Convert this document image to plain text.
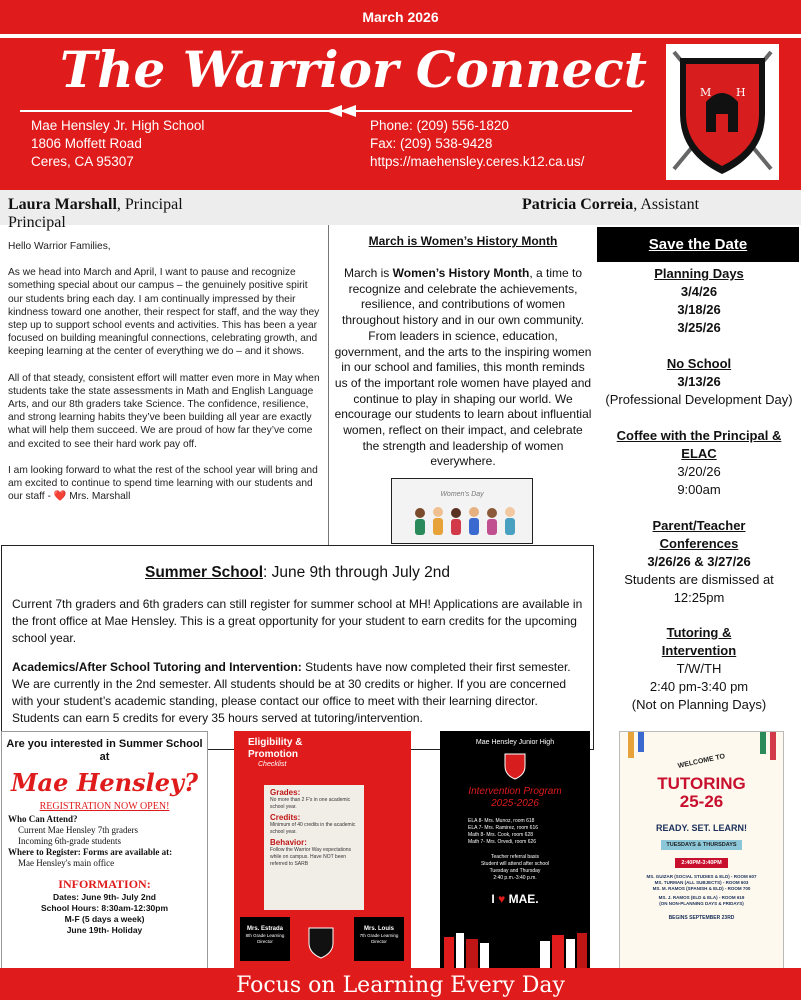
March 2026
The Warrior Connect
Mae Hensley Jr. High School
1806 Moffett Road
Ceres, CA 95307
Phone: (209) 556-1820
Fax: (209) 538-9428
https://maehensley.ceres.k12.ca.us/
M H
Laura Marshall, Principal
Principal
Patricia Correia, Assistant

Hello Warrior Families,

As we head into March and April, I want to pause and recognize something special about our campus – the genuinely positive spirit our students bring each day. I am continually impressed by their kindness toward one another, their respect for staff, and the way they step up to support school events and activities. This has been a year focused on building meaningful connections, celebrating growth, and keeping learning at the center of everything we do – and it shows.

All of that steady, consistent effort will matter even more in May when students take the state assessments in Math and English Language Arts, and our 8th graders take Science. The confidence, resilience, and strong learning habits they’ve been building all year are exactly what will help them succeed. We are proud of how far they’ve come and excited to see their hard work pay off.

I am looking forward to what the rest of the school year will bring and am excited to continue to spend time learning with our students and our staff - ❤️ Mrs. Marshall

March is Women’s History Month

March is Women’s History Month, a time to recognize and celebrate the achievements, resilience, and contributions of women throughout history and in our own community. From leaders in science, education, government, and the arts to the inspiring women in our school and families, this month reminds us of the important role women have played and continue to play in shaping our world. We encourage our students to learn about influential women, reflect on their impact, and celebrate the strength and leadership of women everywhere.

Women's Day
Save the Date
Planning Days
3/4/26
3/18/26
3/25/26
No School
3/13/26
(Professional Development Day)
Coffee with the Principal & ELAC
3/20/26
9:00am
Parent/Teacher Conferences
3/26/26 & 3/27/26
Students are dismissed at
12:25pm
Tutoring & Intervention
T/W/TH
2:40 pm-3:40 pm
(Not on Planning Days)
Summer School: June 9th through July 2nd

Current 7th graders and 6th graders can still register for summer school at MH! Applications are available in the front office at Mae Hensley. This is a great opportunity for your student to earn credits for the upcoming school year.

Academics/After School Tutoring and Intervention: Students have now completed their first semester. We are currently in the 2nd semester. All students should be at 30 credits or higher. If you are concerned with your student’s academic standing, please contact our office to meet with their learning director. Students can earn 5 credits for every 35 hours served at tutoring/intervention.

Are you interested in Summer School at
Mae Hensley?
REGISTRATION NOW OPEN!
Who Can Attend?
Current Mae Hensley 7th graders
Incoming 6th-grade students
Where to Register: Forms are available at:
Mae Hensley's main office
INFORMATION:
Dates: June 9th- July 2nd
School Hours: 8:30am-12:30pm
M-F (5 days a week)
June 19th- Holiday
Eligibility &
Promotion
Checklist
Grades:
No more than 2 F's in one academic school year.
Credits:
Minimum of 40 credits in the academic school year.
Behavior:
Follow the Warrior Way expectations while on campus. Have NOT been referred to SARB
Mrs. Estrada
8th Grade Learning Director
Mrs. Louis
7th Grade Learning Director
Mae Hensley Junior High
Intervention Program
2025-2026
ELA 8- Mrs. Munoz, room 618
ELA 7- Mrs. Ramirez, room 616
Math 8- Mrs. Cook, room 628
Math 7- Mrs. Orvedi, room 626
Teacher referral basis
Student will attend after school
Tuesday and Thursday
2:40 p.m.-3:40 p.m.
I ♥ MAE.
WELCOME TO
TUTORING
25-26
READY. SET. LEARN!
TUESDAYS & THURSDAYS
2:40PM-3:40PM
MS. GUIZAR (SOCIAL STUDIES & ELD) - ROOM 607
MS. TURMAN (ALL SUBJECTS) - ROOM 603
MS. M. RAMOS (SPANISH & ELD) - ROOM 700
MS. J. RAMOS (ELD & ELA) - ROOM 619
(ON NON-PLANNING DAYS & FRIDAYS)
BEGINS SEPTEMBER 23RD
Focus on Learning Every Day
